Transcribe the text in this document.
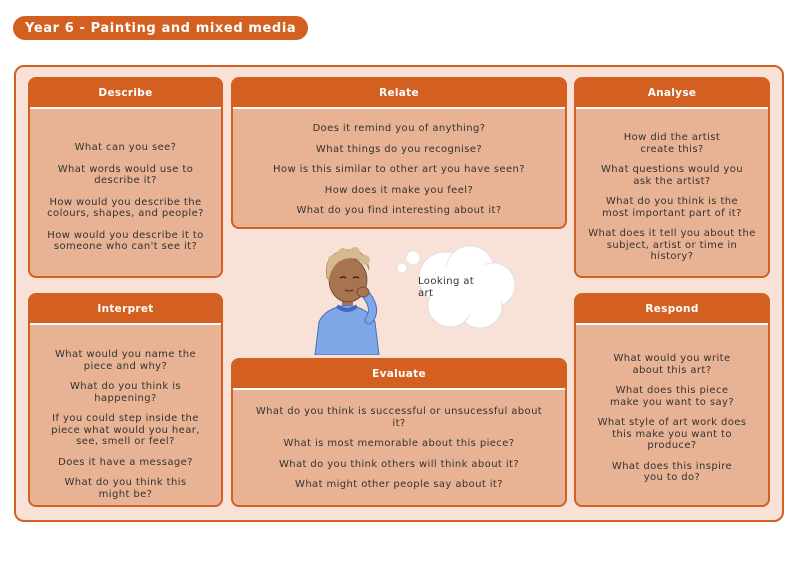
Year 6 - Painting and mixed media
Describe

What can you see?

What words would use to describe it?

How would you describe the colours, shapes, and people?

How would you describe it to someone who can't see it?

Relate

Does it remind you of anything?

What things do you recognise?

How is this similar to other art you have seen?

How does it make you feel?

What do you find interesting about it?

Analyse

How did the artist create this?

What questions would you ask the artist?

What do you think is the most important part of it?

What does it tell you about the subject, artist or time in history?

Interpret

What would you name the piece and why?

What do you think is happening?

If you could step inside the piece what would you hear, see, smell or feel?

Does it have a message?

What do you think this might be?

Evaluate

What do you think is successful or unsucessful about it?

What is most memorable about this piece?

What do you think others will think about it?

What might other people say about it?

Respond

What would you write about this art?

What does this piece make you want to say?

What style of art work does this make you want to produce?

What does this inspire you to do?

Looking at art
